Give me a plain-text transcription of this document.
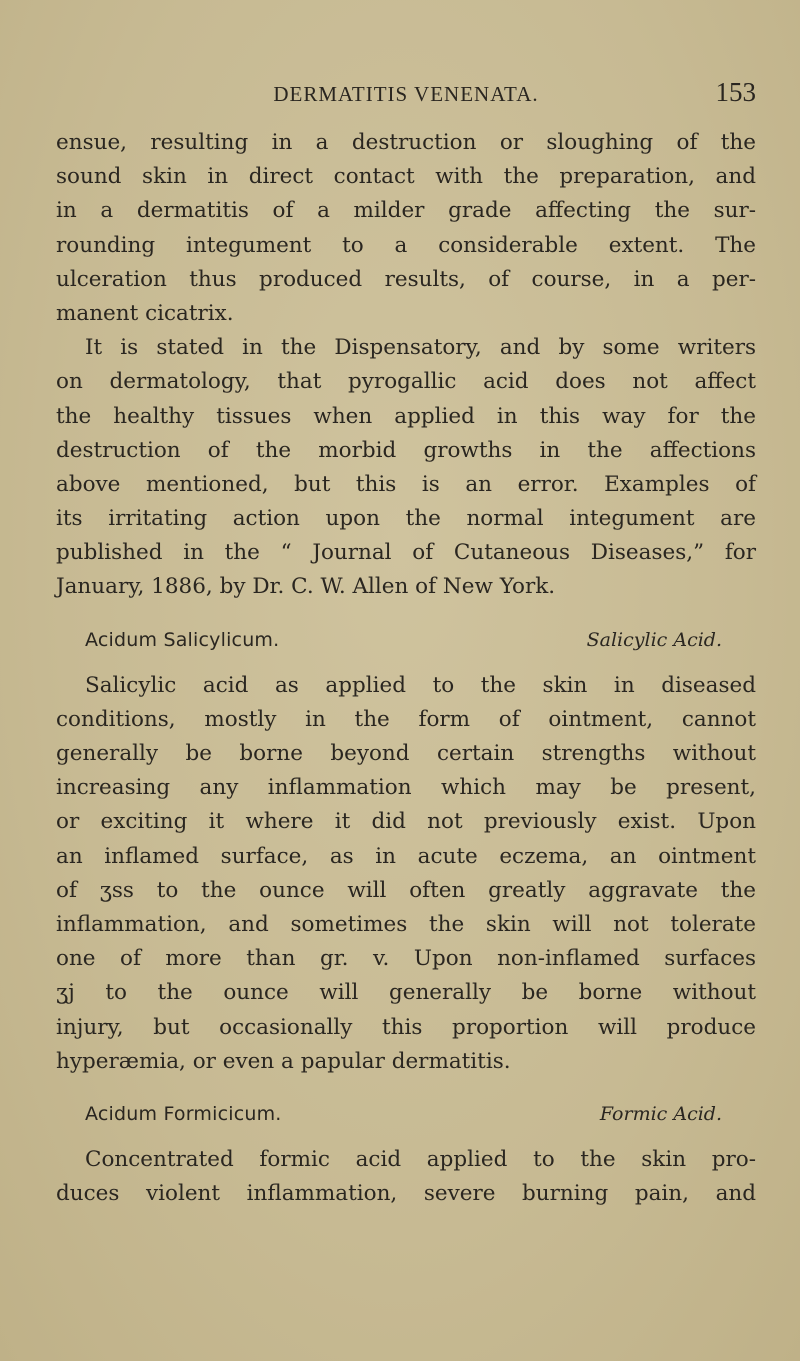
DERMATITIS VENENATA.	153
ensue, resulting in a destruction or sloughing of the
sound skin in direct contact with the preparation, and
in a dermatitis of a milder grade affecting the sur-
rounding integument to a considerable extent. The
ulceration thus produced results, of course, in a per-
manent cicatrix.
It is stated in the Dispensatory, and by some writers
on dermatology, that pyrogallic acid does not affect
the healthy tissues when applied in this way for the
destruction of the morbid growths in the affections
above mentioned, but this is an error. Examples of
its irritating action upon the normal integument are
published in the “ Journal of Cutaneous Diseases,” for
January, 1886, by Dr. C. W. Allen of New York.
Acidum Salicylicum.	Salicylic Acid.
Salicylic acid as applied to the skin in diseased
conditions, mostly in the form of ointment, cannot
generally be borne beyond certain strengths without
increasing any inflammation which may be present,
or exciting it where it did not previously exist. Upon
an inflamed surface, as in acute eczema, an ointment
of ʒss to the ounce will often greatly aggravate the
inflammation, and sometimes the skin will not tolerate
one of more than gr. v. Upon non-inflamed surfaces
ʒj to the ounce will generally be borne without
injury, but occasionally this proportion will produce
hyperæmia, or even a papular dermatitis.
Acidum Formicicum.	Formic Acid.
Concentrated formic acid applied to the skin pro-
duces violent inflammation, severe burning pain, and
